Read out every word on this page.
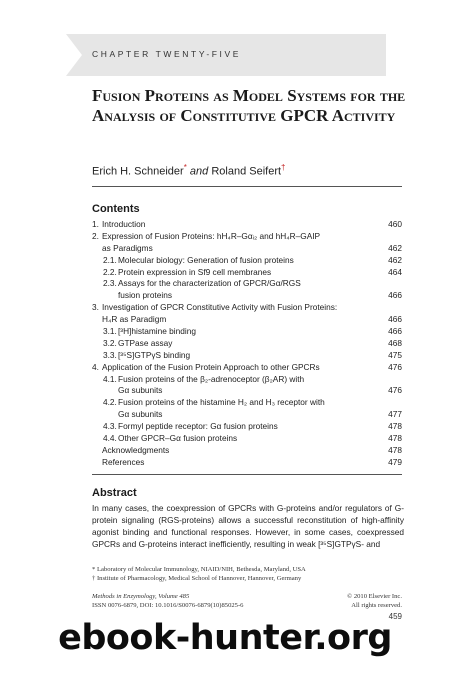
CHAPTER TWENTY-FIVE
Fusion Proteins as Model Systems for the Analysis of Constitutive GPCR Activity
Erich H. Schneider* and Roland Seifert†
Contents
1. Introduction	460
2. Expression of Fusion Proteins: hH₄R–Gαᵢ₂ and hH₄R–GAIP
as Paradigms	462
2.1. Molecular biology: Generation of fusion proteins	462
2.2. Protein expression in Sf9 cell membranes	464
2.3. Assays for the characterization of GPCR/Gα/RGS
fusion proteins	466
3. Investigation of GPCR Constitutive Activity with Fusion Proteins:
H₄R as Paradigm	466
3.1. [³H]histamine binding	466
3.2. GTPase assay	468
3.3. [³⁵S]GTPγS binding	475
4. Application of the Fusion Protein Approach to other GPCRs	476
4.1. Fusion proteins of the β₂-adrenoceptor (β₂AR) with
Gα subunits	476
4.2. Fusion proteins of the histamine H₂ and H₃ receptor with
Gα subunits	477
4.3. Formyl peptide receptor: Gα fusion proteins	478
4.4. Other GPCR–Gα fusion proteins	478
Acknowledgments	478
References	479
Abstract
In many cases, the coexpression of GPCRs with G-proteins and/or regulators of G-protein signaling (RGS-proteins) allows a successful reconstitution of high-affinity agonist binding and functional responses. However, in some cases, coexpressed GPCRs and G-proteins interact inefficiently, resulting in weak [³⁵S]GTPγS- and
* Laboratory of Molecular Immunology, NIAID/NIH, Bethesda, Maryland, USA
† Institute of Pharmacology, Medical School of Hannover, Hannover, Germany
Methods in Enzymology, Volume 485
ISSN 0076-6879, DOI: 10.1016/S0076-6879(10)85025-6
© 2010 Elsevier Inc.
All rights reserved.
459
ebook-hunter.org
